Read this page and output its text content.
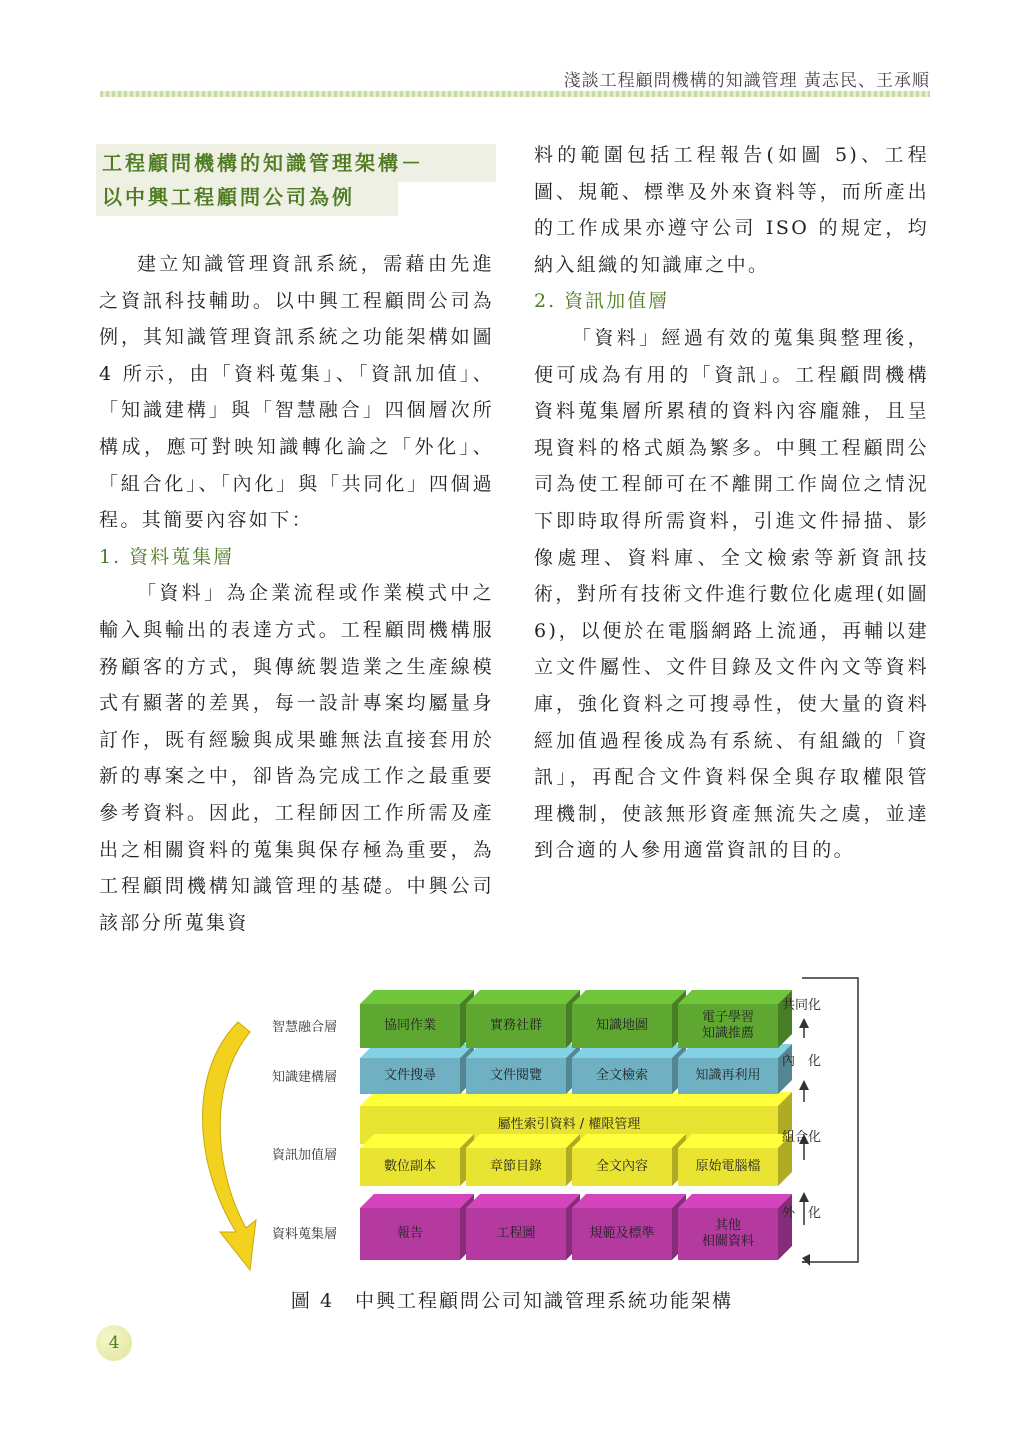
淺談工程顧問機構的知識管理 黃志民、王承順
工程顧問機構的知識管理架構－
以中興工程顧問公司為例

建立知識管理資訊系統，需藉由先進之資訊科技輔助。以中興工程顧問公司為例，其知識管理資訊系統之功能架構如圖 4 所示，由「資料蒐集」、「資訊加值」、「知識建構」與「智慧融合」四個層次所構成，應可對映知識轉化論之「外化」、「組合化」、「內化」與「共同化」四個過程。其簡要內容如下：

1. 資料蒐集層

「資料」為企業流程或作業模式中之輸入與輸出的表達方式。工程顧問機構服務顧客的方式，與傳統製造業之生產線模式有顯著的差異，每一設計專案均屬量身訂作，既有經驗與成果雖無法直接套用於新的專案之中，卻皆為完成工作之最重要參考資料。因此，工程師因工作所需及產出之相關資料的蒐集與保存極為重要，為工程顧問機構知識管理的基礎。中興公司該部分所蒐集資

料的範圍包括工程報告(如圖 5)、工程圖、規範、標準及外來資料等，而所產出的工作成果亦遵守公司 ISO 的規定，均納入組織的知識庫之中。

2. 資訊加值層

「資料」經過有效的蒐集與整理後，便可成為有用的「資訊」。工程顧問機構資料蒐集層所累積的資料內容龐雜，且呈現資料的格式頗為繁多。中興工程顧問公司為使工程師可在不離開工作崗位之情況下即時取得所需資料，引進文件掃描、影像處理、資料庫、全文檢索等新資訊技術，對所有技術文件進行數位化處理(如圖 6)，以便於在電腦網路上流通，再輔以建立文件屬性、文件目錄及文件內文等資料庫，強化資料之可搜尋性，使大量的資料經加值過程後成為有系統、有組織的「資訊」，再配合文件資料保全與存取權限管理機制，使該無形資產無流失之虞，並達到合適的人參用適當資訊的目的。

智慧融合層
知識建構層
資訊加值層
資料蒐集層
協同作業	實務社群	知識地圖
電子學習
知識推薦
文件搜尋	文件閱覽	全文檢索	知識再利用
數位副本	章節目錄	全文內容	原始電腦檔
報告	工程圖	規範及標準
其他
相關資料
屬性索引資料 / 權限管理
共同化
內　化
組合化
外　化
圖 4　中興工程顧問公司知識管理系統功能架構
4
